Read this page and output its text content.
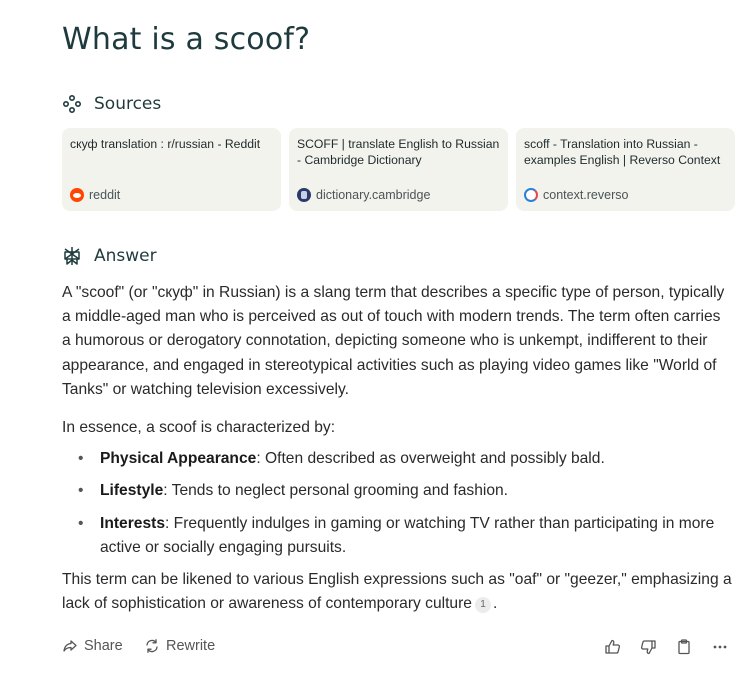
What is a scoof?
Sources
скуф translation : r/russian - Reddit
reddit
SCOFF | translate English to Russian - Cambridge Dictionary
dictionary.cambridge
scoff - Translation into Russian - examples English | Reverso Context
context.reverso
Answer

A "scoof" (or "скуф" in Russian) is a slang term that describes a specific type of person, typically a middle-aged man who is perceived as out of touch with modern trends. The term often carries a humorous or derogatory connotation, depicting someone who is unkempt, indifferent to their appearance, and engaged in stereotypical activities such as playing video games like "World of Tanks" or watching television excessively.

In essence, a scoof is characterized by:

• Physical Appearance: Often described as overweight and possibly bald.
• Lifestyle: Tends to neglect personal grooming and fashion.
• Interests: Frequently indulges in gaming or watching TV rather than participating in more active or socially engaging pursuits.

This term can be likened to various English expressions such as "oaf" or "geezer," emphasizing a lack of sophistication or awareness of contemporary culture 1 .

Share	Rewrite
